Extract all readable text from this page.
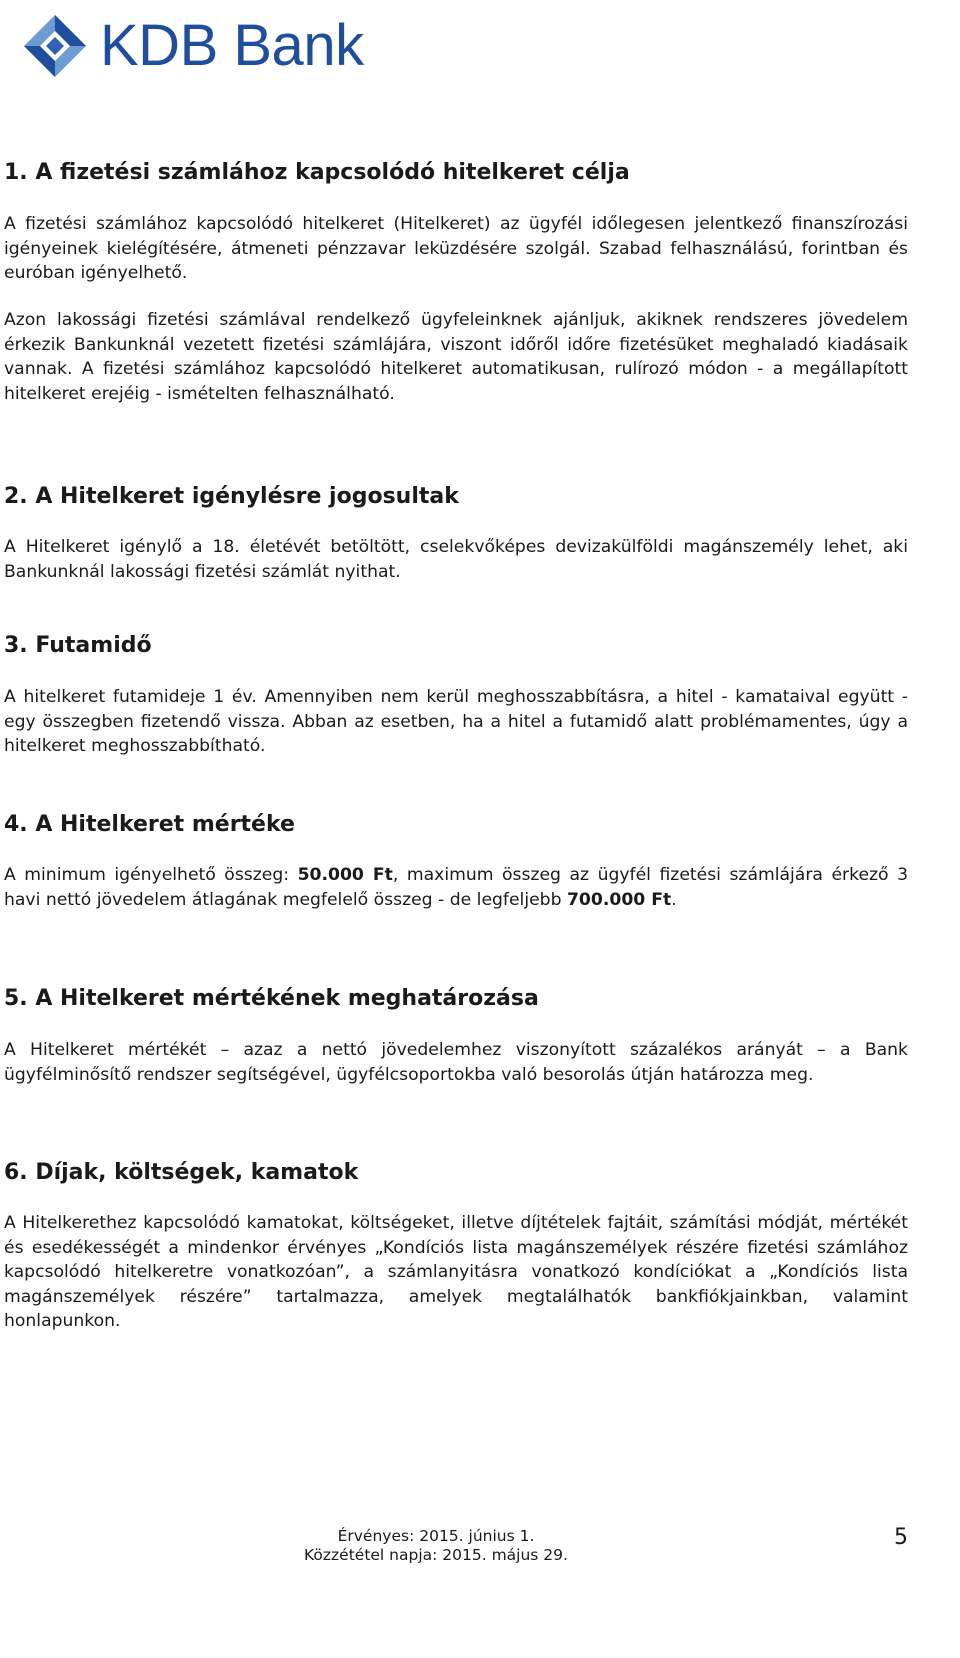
KDB Bank
1. A fizetési számlához kapcsolódó hitelkeret célja

A fizetési számlához kapcsolódó hitelkeret (Hitelkeret) az ügyfél időlegesen jelentkező finanszírozási igényeinek kielégítésére, átmeneti pénzzavar leküzdésére szolgál. Szabad felhasználású, forintban és euróban igényelhető.

Azon lakossági fizetési számlával rendelkező ügyfeleinknek ajánljuk, akiknek rendszeres jövedelem érkezik Bankunknál vezetett fizetési számlájára, viszont időről időre fizetésüket meghaladó kiadásaik vannak. A fizetési számlához kapcsolódó hitelkeret automatikusan, rulírozó módon - a megállapított hitelkeret erejéig - ismételten felhasználható.

2. A Hitelkeret igénylésre jogosultak

A Hitelkeret igénylő a 18. életévét betöltött, cselekvőképes devizakülföldi magánszemély lehet, aki Bankunknál lakossági fizetési számlát nyithat.

3. Futamidő

A hitelkeret futamideje 1 év. Amennyiben nem kerül meghosszabbításra, a hitel - kamataival együtt - egy összegben fizetendő vissza. Abban az esetben, ha a hitel a futamidő alatt problémamentes, úgy a hitelkeret meghosszabbítható.

4. A Hitelkeret mértéke

A minimum igényelhető összeg: 50.000 Ft, maximum összeg az ügyfél fizetési számlájára érkező 3 havi nettó jövedelem átlagának megfelelő összeg - de legfeljebb 700.000 Ft.

5. A Hitelkeret mértékének meghatározása

A Hitelkeret mértékét – azaz a nettó jövedelemhez viszonyított százalékos arányát – a Bank ügyfélminősítő rendszer segítségével, ügyfélcsoportokba való besorolás útján határozza meg.

6. Díjak, költségek, kamatok

A Hitelkerethez kapcsolódó kamatokat, költségeket, illetve díjtételek fajtáit, számítási módját, mértékét és esedékességét a mindenkor érvényes „Kondíciós lista magánszemélyek részére fizetési számlához kapcsolódó hitelkeretre vonatkozóan”, a számlanyitásra vonatkozó kondíciókat a „Kondíciós lista magánszemélyek részére” tartalmazza, amelyek megtalálhatók bankfiókjainkban, valamint honlapunkon.

Érvényes: 2015. június 1.
Közzététel napja: 2015. május 29.
5
